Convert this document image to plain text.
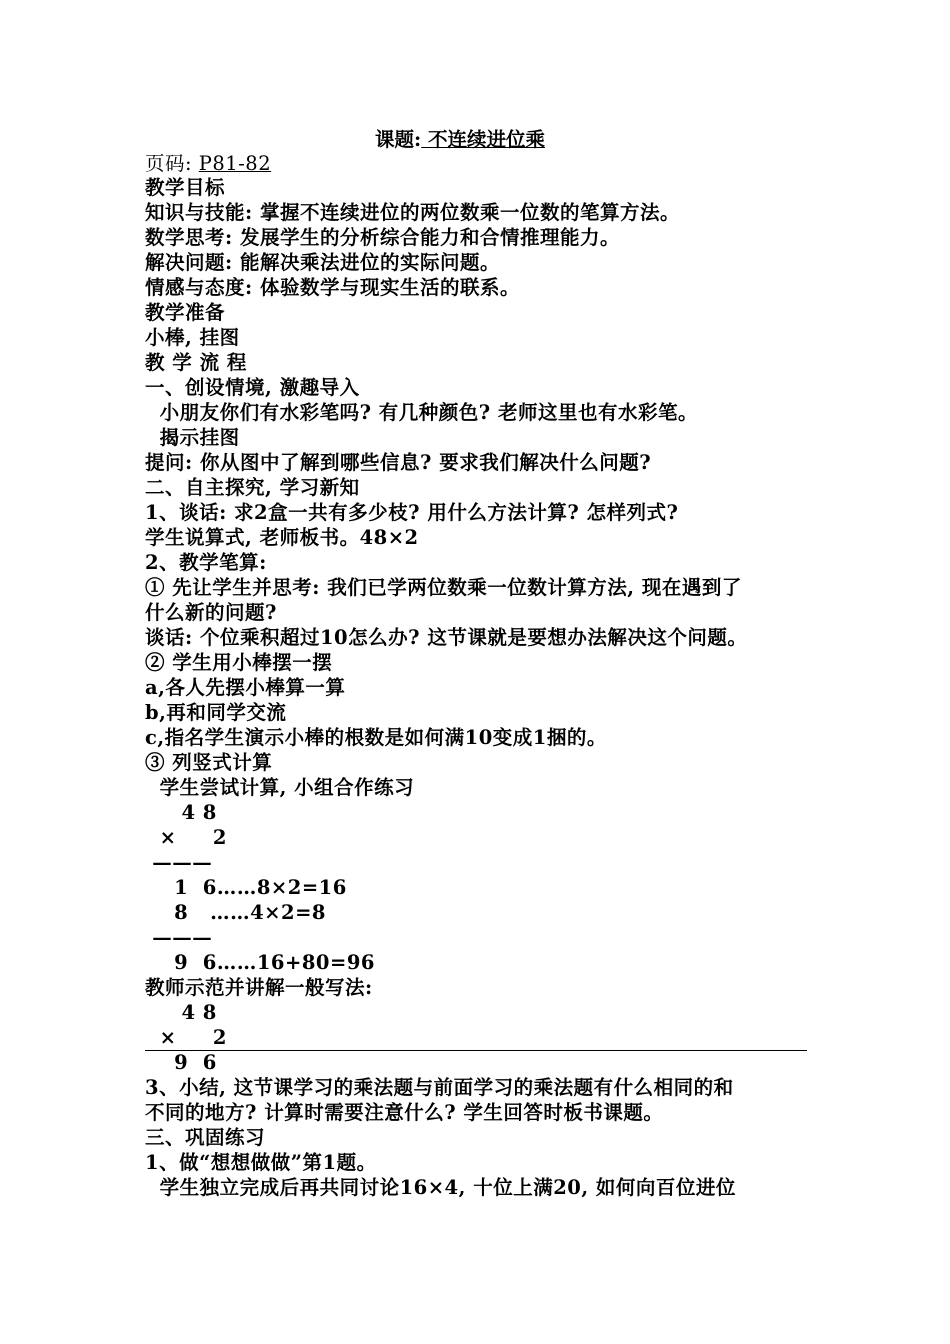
课题: 不连续进位乘
页码: P81-82
教学目标
知识与技能: 掌握不连续进位的两位数乘一位数的笔算方法。
数学思考: 发展学生的分析综合能力和合情推理能力。
解决问题: 能解决乘法进位的实际问题。
情感与态度: 体验数学与现实生活的联系。
教学准备
小棒, 挂图
教 学 流 程
一、创设情境, 激趣导入
小朋友你们有水彩笔吗? 有几种颜色? 老师这里也有水彩笔。
揭示挂图
提问: 你从图中了解到哪些信息? 要求我们解决什么问题?
二、自主探究, 学习新知
1、谈话: 求2盒一共有多少枝? 用什么方法计算? 怎样列式?
学生说算式, 老师板书。48×2
2、教学笔算:
① 先让学生并思考: 我们已学两位数乘一位数计算方法, 现在遇到了
什么新的问题?
谈话: 个位乘积超过10怎么办? 这节课就是要想办法解决这个问题。
② 学生用小棒摆一摆
a,各人先摆小棒算一算
b,再和同学交流
c,指名学生演示小棒的根数是如何满10变成1捆的。
③ 列竖式计算
学生尝试计算, 小组合作练习
4 8
×     2
———
1  6……8×2=16
8   ……4×2=8
———
9  6……16+80=96
教师示范并讲解一般写法:
4 8
×     2
9  6
3、小结, 这节课学习的乘法题与前面学习的乘法题有什么相同的和
不同的地方? 计算时需要注意什么? 学生回答时板书课题。
三、巩固练习
1、做“想想做做”第1题。
学生独立完成后再共同讨论16×4, 十位上满20, 如何向百位进位
